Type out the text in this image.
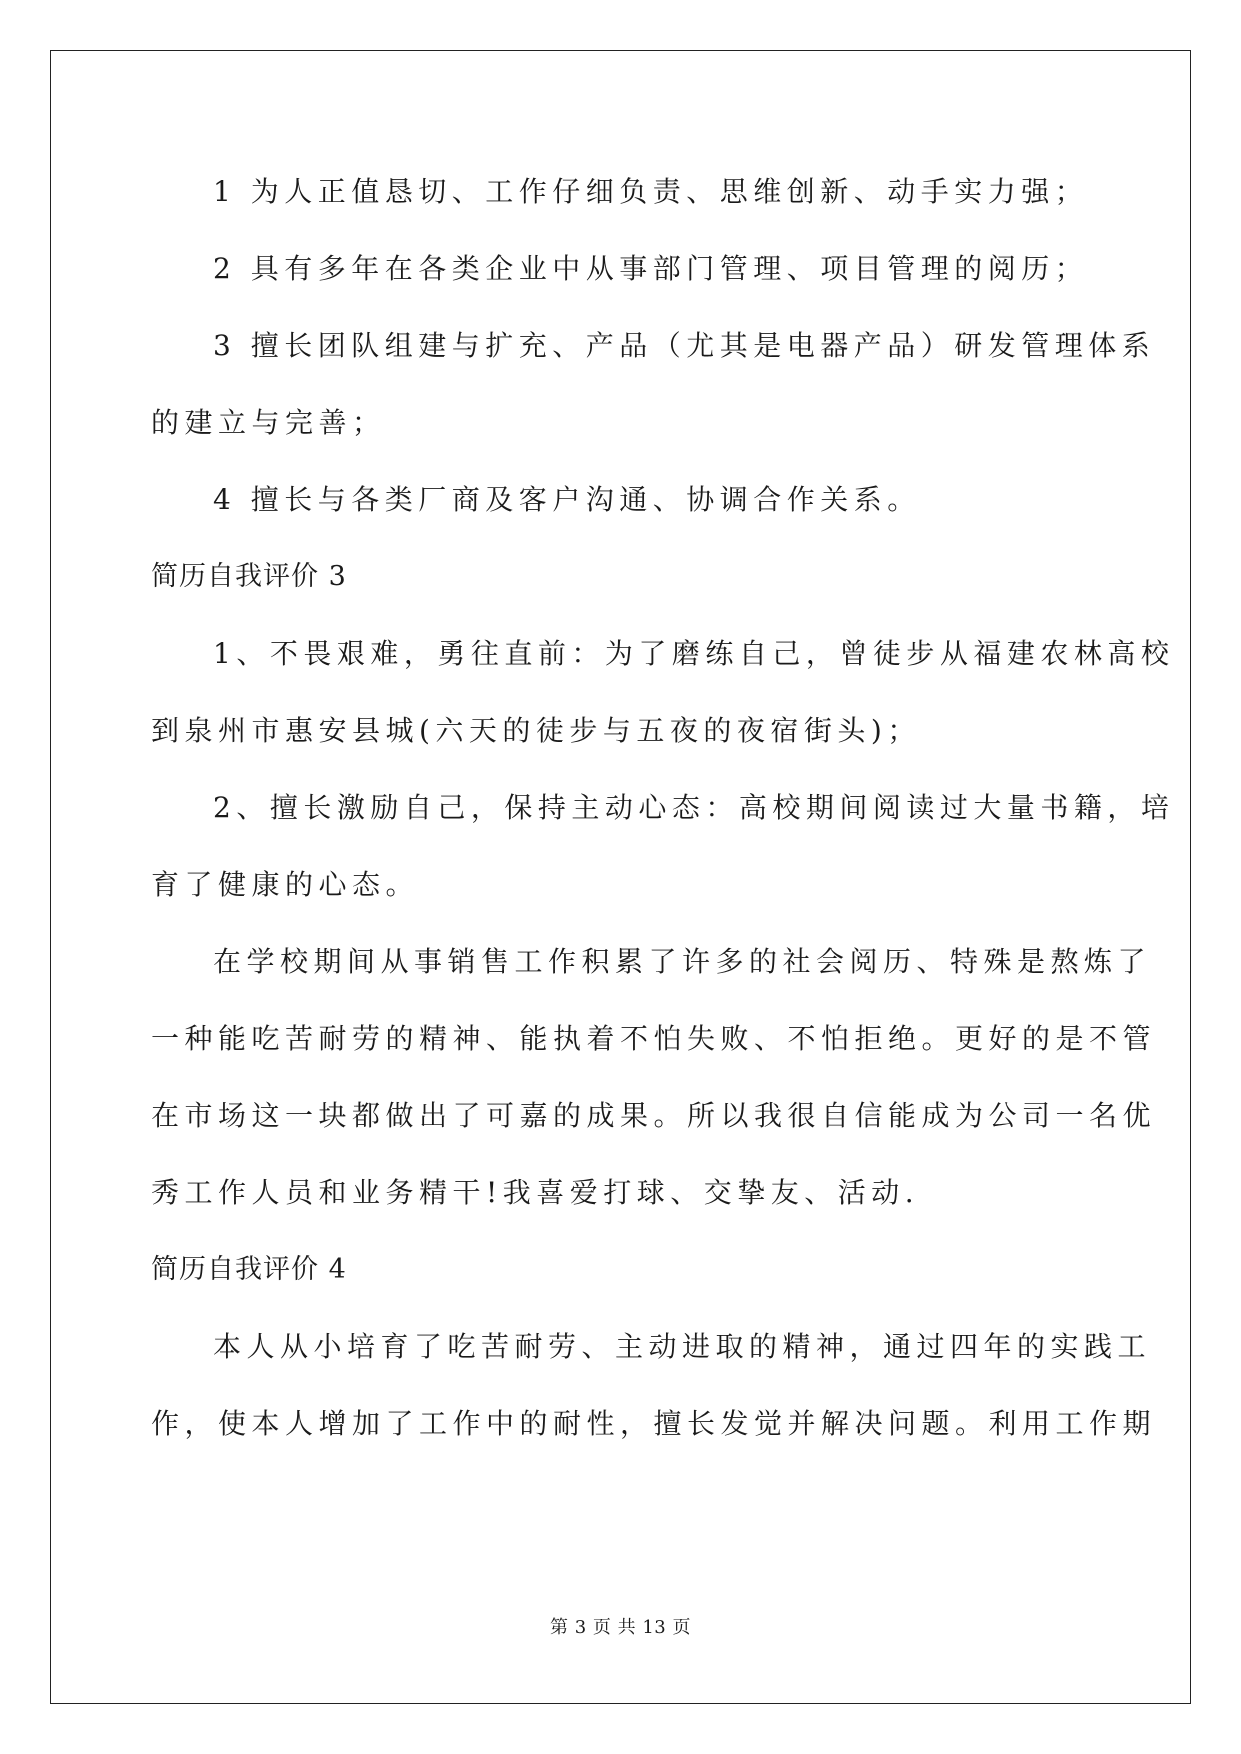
1 为人正值恳切、工作仔细负责、思维创新、动手实力强；
2 具有多年在各类企业中从事部门管理、项目管理的阅历；
3 擅长团队组建与扩充、产品（尤其是电器产品）研发管理体系
的建立与完善；
4 擅长与各类厂商及客户沟通、协调合作关系。
简历自我评价 3
1、不畏艰难，勇往直前：为了磨练自己，曾徒步从福建农林高校
到泉州市惠安县城(六天的徒步与五夜的夜宿街头)；
2、擅长激励自己，保持主动心态：高校期间阅读过大量书籍，培
育了健康的心态。
在学校期间从事销售工作积累了许多的社会阅历、特殊是熬炼了
一种能吃苦耐劳的精神、能执着不怕失败、不怕拒绝。更好的是不管
在市场这一块都做出了可嘉的成果。所以我很自信能成为公司一名优
秀工作人员和业务精干!我喜爱打球、交挚友、活动.
简历自我评价 4
本人从小培育了吃苦耐劳、主动进取的精神，通过四年的实践工
作，使本人增加了工作中的耐性，擅长发觉并解决问题。利用工作期
第 3 页 共 13 页
